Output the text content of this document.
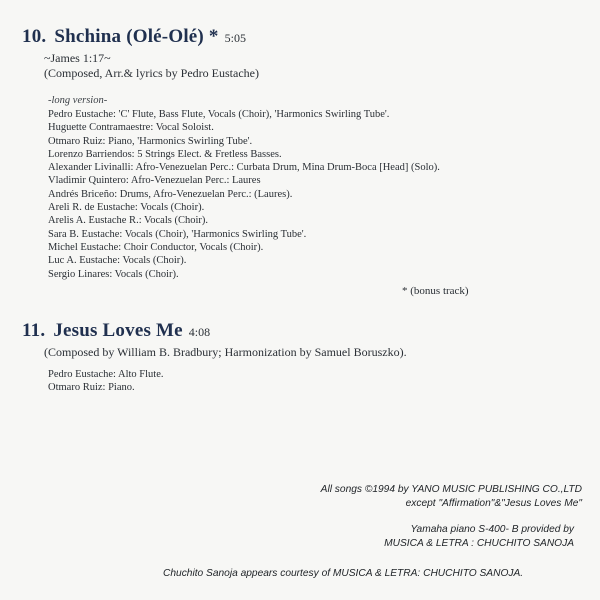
10. Shchina (Olé-Olé) * 5:05
~James 1:17~
(Composed, Arr.& lyrics by Pedro Eustache)
-long version-
Pedro Eustache: 'C' Flute, Bass Flute, Vocals (Choir), 'Harmonics Swirling Tube'.
Huguette Contramaestre: Vocal Soloist.
Otmaro Ruiz: Piano, 'Harmonics Swirling Tube'.
Lorenzo Barriendos: 5 Strings Elect. & Fretless Basses.
Alexander Livinalli: Afro-Venezuelan Perc.: Curbata Drum, Mina Drum-Boca [Head] (Solo).
Vladimir Quintero: Afro-Venezuelan Perc.: Laures
Andrés Briceño: Drums, Afro-Venezuelan Perc.: (Laures).
Areli R. de Eustache: Vocals (Choir).
Arelis A. Eustache R.: Vocals (Choir).
Sara B. Eustache: Vocals (Choir), 'Harmonics Swirling Tube'.
Michel Eustache: Choir Conductor, Vocals (Choir).
Luc A. Eustache: Vocals (Choir).
Sergio Linares: Vocals (Choir).
* (bonus track)
11. Jesus Loves Me 4:08
(Composed by William B. Bradbury; Harmonization by Samuel Boruszko).
Pedro Eustache: Alto Flute.
Otmaro Ruiz: Piano.
All songs ©1994 by YANO MUSIC PUBLISHING CO.,LTD
except "Affirmation"&"Jesus Loves Me"
Yamaha piano S-400- B provided by
MUSICA & LETRA : CHUCHITO SANOJA
Chuchito Sanoja appears courtesy of MUSICA & LETRA: CHUCHITO SANOJA.
